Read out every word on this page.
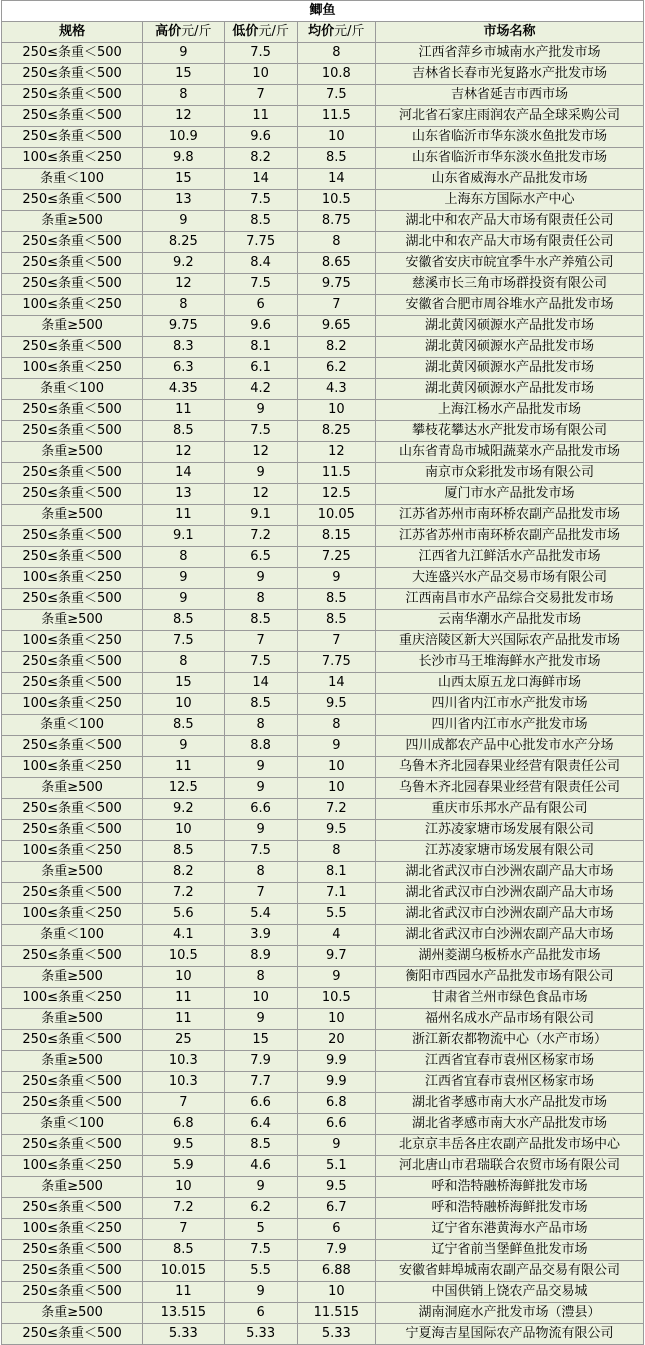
鲫鱼				
规格	高价元/斤	低价元/斤	均价元/斤	市场名称
250≤条重＜500	9	7.5	8	江西省萍乡市城南水产批发市场
250≤条重＜500	15	10	10.8	吉林省长春市光复路水产批发市场
250≤条重＜500	8	7	7.5	吉林省延吉市西市场
250≤条重＜500	12	11	11.5	河北省石家庄雨润农产品全球采购公司
250≤条重＜500	10.9	9.6	10	山东省临沂市华东淡水鱼批发市场
100≤条重＜250	9.8	8.2	8.5	山东省临沂市华东淡水鱼批发市场
条重＜100	15	14	14	山东省威海水产品批发市场
250≤条重＜500	13	7.5	10.5	上海东方国际水产中心
条重≥500	9	8.5	8.75	湖北中和农产品大市场有限责任公司
250≤条重＜500	8.25	7.75	8	湖北中和农产品大市场有限责任公司
250≤条重＜500	9.2	8.4	8.65	安徽省安庆市皖宜季牛水产养殖公司
250≤条重＜500	12	7.5	9.75	慈溪市长三角市场群投资有限公司
100≤条重＜250	8	6	7	安徽省合肥市周谷堆水产品批发市场
条重≥500	9.75	9.6	9.65	湖北黄冈硕源水产品批发市场
250≤条重＜500	8.3	8.1	8.2	湖北黄冈硕源水产品批发市场
100≤条重＜250	6.3	6.1	6.2	湖北黄冈硕源水产品批发市场
条重＜100	4.35	4.2	4.3	湖北黄冈硕源水产品批发市场
250≤条重＜500	11	9	10	上海江杨水产品批发市场
250≤条重＜500	8.5	7.5	8.25	攀枝花攀达水产批发市场有限公司
条重≥500	12	12	12	山东省青岛市城阳蔬菜水产品批发市场
250≤条重＜500	14	9	11.5	南京市众彩批发市场有限公司
250≤条重＜500	13	12	12.5	厦门市水产品批发市场
条重≥500	11	9.1	10.05	江苏省苏州市南环桥农副产品批发市场
250≤条重＜500	9.1	7.2	8.15	江苏省苏州市南环桥农副产品批发市场
250≤条重＜500	8	6.5	7.25	江西省九江鲜活水产品批发市场
100≤条重＜250	9	9	9	大连盛兴水产品交易市场有限公司
250≤条重＜500	9	8	8.5	江西南昌市水产品综合交易批发市场
条重≥500	8.5	8.5	8.5	云南华潮水产品批发市场
100≤条重＜250	7.5	7	7	重庆涪陵区新大兴国际农产品批发市场
250≤条重＜500	8	7.5	7.75	长沙市马王堆海鲜水产批发市场
250≤条重＜500	15	14	14	山西太原五龙口海鲜市场
100≤条重＜250	10	8.5	9.5	四川省内江市水产批发市场
条重＜100	8.5	8	8	四川省内江市水产批发市场
250≤条重＜500	9	8.8	9	四川成都农产品中心批发市水产分场
100≤条重＜250	11	9	10	乌鲁木齐北园春果业经营有限责任公司
条重≥500	12.5	9	10	乌鲁木齐北园春果业经营有限责任公司
250≤条重＜500	9.2	6.6	7.2	重庆市乐邦水产品有限公司
250≤条重＜500	10	9	9.5	江苏凌家塘市场发展有限公司
100≤条重＜250	8.5	7.5	8	江苏凌家塘市场发展有限公司
条重≥500	8.2	8	8.1	湖北省武汉市白沙洲农副产品大市场
250≤条重＜500	7.2	7	7.1	湖北省武汉市白沙洲农副产品大市场
100≤条重＜250	5.6	5.4	5.5	湖北省武汉市白沙洲农副产品大市场
条重＜100	4.1	3.9	4	湖北省武汉市白沙洲农副产品大市场
250≤条重＜500	10.5	8.9	9.7	湖州菱湖乌板桥水产品批发市场
条重≥500	10	8	9	衡阳市西园水产品批发市场有限公司
100≤条重＜250	11	10	10.5	甘肃省兰州市绿色食品市场
条重≥500	11	9	10	福州名成水产品市场有限公司
250≤条重＜500	25	15	20	浙江新农都物流中心（水产市场）
条重≥500	10.3	7.9	9.9	江西省宜春市袁州区杨家市场
250≤条重＜500	10.3	7.7	9.9	江西省宜春市袁州区杨家市场
250≤条重＜500	7	6.6	6.8	湖北省孝感市南大水产品批发市场
条重＜100	6.8	6.4	6.6	湖北省孝感市南大水产品批发市场
250≤条重＜500	9.5	8.5	9	北京京丰岳各庄农副产品批发市场中心
100≤条重＜250	5.9	4.6	5.1	河北唐山市君瑞联合农贸市场有限公司
条重≥500	10	9	9.5	呼和浩特融桥海鲜批发市场
250≤条重＜500	7.2	6.2	6.7	呼和浩特融桥海鲜批发市场
100≤条重＜250	7	5	6	辽宁省东港黄海水产品市场
250≤条重＜500	8.5	7.5	7.9	辽宁省前当堡鲜鱼批发市场
250≤条重＜500	10.015	5.5	6.88	安徽省蚌埠城南农副产品交易有限公司
250≤条重＜500	11	9	10	中国供销上饶农产品交易城
条重≥500	13.515	6	11.515	湖南洞庭水产批发市场（澧县）
250≤条重＜500	5.33	5.33	5.33	宁夏海吉星国际农产品物流有限公司
